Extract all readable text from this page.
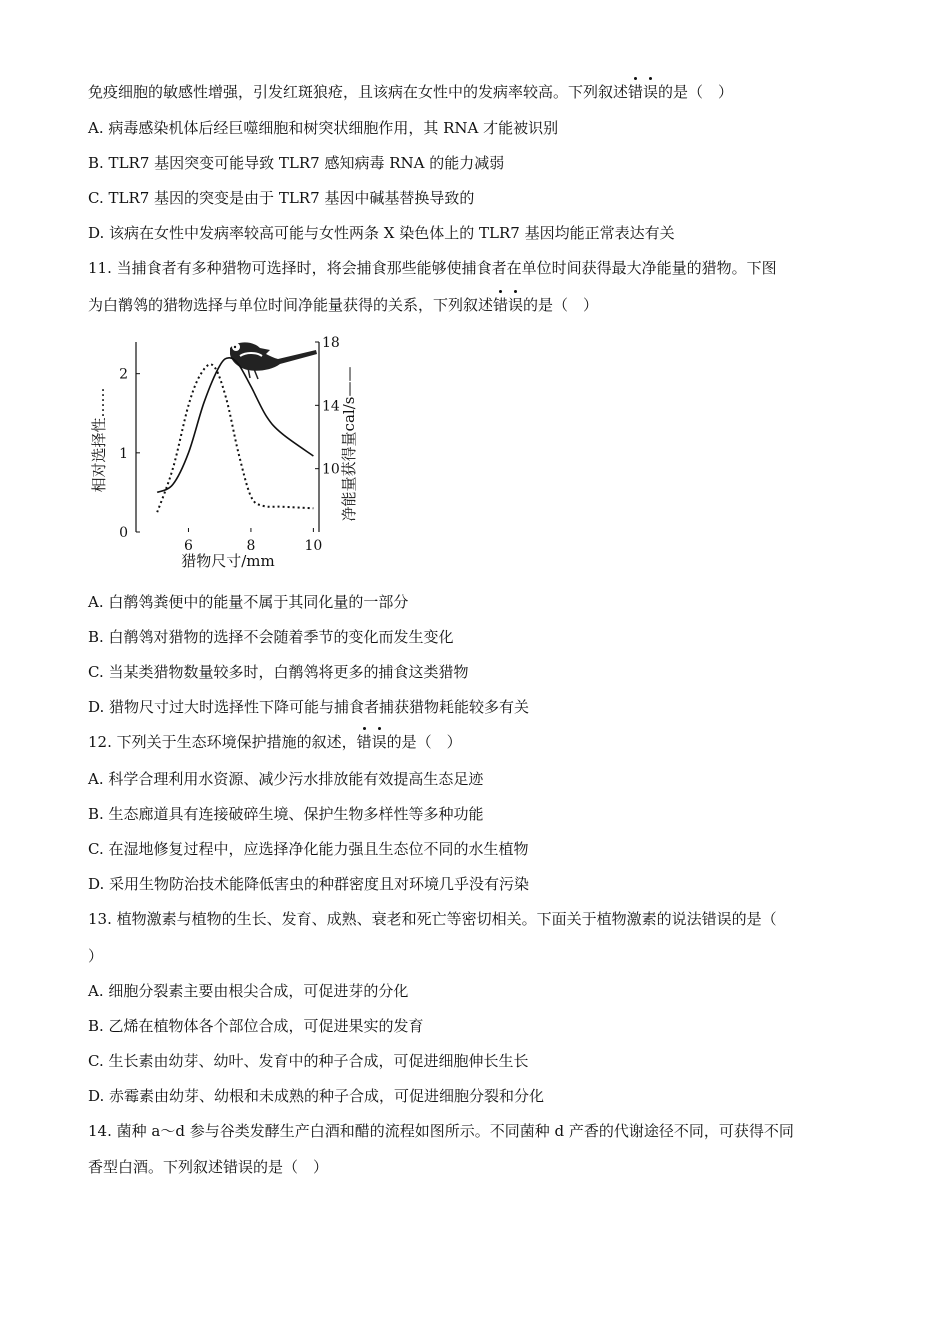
免疫细胞的敏感性增强，引发红斑狼疮，且该病在女性中的发病率较高。下列叙述错误的是（　）
A. 病毒感染机体后经巨噬细胞和树突状细胞作用，其 RNA 才能被识别
B. TLR7 基因突变可能导致 TLR7 感知病毒 RNA 的能力减弱
C. TLR7 基因的突变是由于 TLR7 基因中碱基替换导致的
D. 该病在女性中发病率较高可能与女性两条 X 染色体上的 TLR7 基因均能正常表达有关
11. 当捕食者有多种猎物可选择时，将会捕食那些能够使捕食者在单位时间获得最大净能量的猎物。下图
为白鹡鸰的猎物选择与单位时间净能量获得的关系，下列叙述错误的是（　）
6	8	10
0
1
2
10
14
18
猎物尺寸/mm
相对选择性……	净能量获得量cal/s——
A. 白鹡鸰粪便中的能量不属于其同化量的一部分
B. 白鹡鸰对猎物的选择不会随着季节的变化而发生变化
C. 当某类猎物数量较多时，白鹡鸰将更多的捕食这类猎物
D. 猎物尺寸过大时选择性下降可能与捕食者捕获猎物耗能较多有关
12. 下列关于生态环境保护措施的叙述，错误的是（　）
A. 科学合理利用水资源、减少污水排放能有效提高生态足迹
B. 生态廊道具有连接破碎生境、保护生物多样性等多种功能
C. 在湿地修复过程中，应选择净化能力强且生态位不同的水生植物
D. 采用生物防治技术能降低害虫的种群密度且对环境几乎没有污染
13. 植物激素与植物的生长、发育、成熟、衰老和死亡等密切相关。下面关于植物激素的说法错误的是（
）
A. 细胞分裂素主要由根尖合成，可促进芽的分化
B. 乙烯在植物体各个部位合成，可促进果实的发育
C. 生长素由幼芽、幼叶、发育中的种子合成，可促进细胞伸长生长
D. 赤霉素由幼芽、幼根和未成熟的种子合成，可促进细胞分裂和分化
14. 菌种 a～d 参与谷类发酵生产白酒和醋的流程如图所示。不同菌种 d 产香的代谢途径不同，可获得不同
香型白酒。下列叙述错误的是（　）
